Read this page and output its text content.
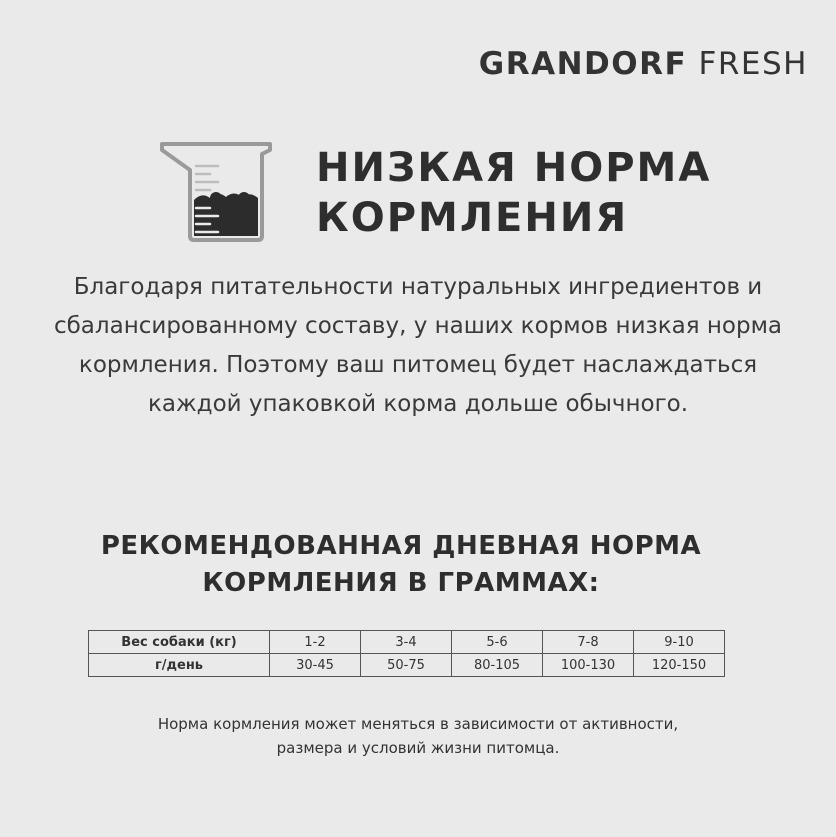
GRANDORF FRESH
НИЗКАЯ НОРМА
КОРМЛЕНИЯ
Благодаря питательности натуральных ингредиентов и
сбалансированному составу, у наших кормов низкая норма
кормления. Поэтому ваш питомец будет наслаждаться
каждой упаковкой корма дольше обычного.
РЕКОМЕНДОВАННАЯ ДНЕВНАЯ НОРМА
КОРМЛЕНИЯ В ГРАММАХ:
Вес собаки (кг)	1-2	3-4	5-6	7-8	9-10
г/день	30-45	50-75	80-105	100-130	120-150
Норма кормления может меняться в зависимости от активности,
размера и условий жизни питомца.
